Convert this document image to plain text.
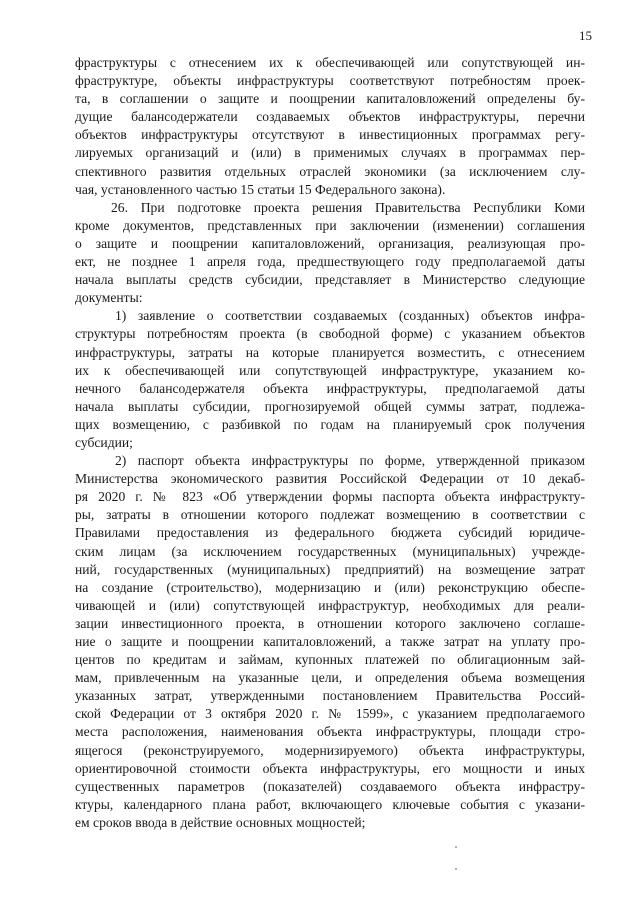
15
фраструктуры с отнесением их к обеспечивающей или сопутствующей ин-
фраструктуре, объекты инфраструктуры соответствуют потребностям проек-
та, в соглашении о защите и поощрении капиталовложений определены бу-
дущие балансодержатели создаваемых объектов инфраструктуры, перечни
объектов инфраструктуры отсутствуют в инвестиционных программах регу-
лируемых организаций и (или) в применимых случаях в программах пер-
спективного развития отдельных отраслей экономики (за исключением слу-
чая, установленного частью 15 статьи 15 Федерального закона).
26. При подготовке проекта решения Правительства Республики Коми
кроме документов, представленных при заключении (изменении) соглашения
о защите и поощрении капиталовложений, организация, реализующая про-
ект, не позднее 1 апреля года, предшествующего году предполагаемой даты
начала выплаты средств субсидии, представляет в Министерство следующие
документы:
1) заявление о соответствии создаваемых (созданных) объектов инфра-
структуры потребностям проекта (в свободной форме) с указанием объектов
инфраструктуры, затраты на которые планируется возместить, с отнесением
их к обеспечивающей или сопутствующей инфраструктуре, указанием ко-
нечного балансодержателя объекта инфраструктуры, предполагаемой даты
начала выплаты субсидии, прогнозируемой общей суммы затрат, подлежа-
щих возмещению, с разбивкой по годам на планируемый срок получения
субсидии;
2) паспорт объекта инфраструктуры по форме, утвержденной приказом
Министерства экономического развития Российской Федерации от 10 декаб-
ря 2020 г. № 823 «Об утверждении формы паспорта объекта инфраструкту-
ры, затраты в отношении которого подлежат возмещению в соответствии с
Правилами предоставления из федерального бюджета субсидий юридиче-
ским лицам (за исключением государственных (муниципальных) учрежде-
ний, государственных (муниципальных) предприятий) на возмещение затрат
на создание (строительство), модернизацию и (или) реконструкцию обеспе-
чивающей и (или) сопутствующей инфраструктур, необходимых для реали-
зации инвестиционного проекта, в отношении которого заключено соглаше-
ние о защите и поощрении капиталовложений, а также затрат на уплату про-
центов по кредитам и займам, купонных платежей по облигационным зай-
мам, привлеченным на указанные цели, и определения объема возмещения
указанных затрат, утвержденными постановлением Правительства Россий-
ской Федерации от 3 октября 2020 г. № 1599», с указанием предполагаемого
места расположения, наименования объекта инфраструктуры, площади стро-
ящегося (реконструируемого, модернизируемого) объекта инфраструктуры,
ориентировочной стоимости объекта инфраструктуры, его мощности и иных
существенных параметров (показателей) создаваемого объекта инфрастру-
ктуры, календарного плана работ, включающего ключевые события с указани-
ем сроков ввода в действие основных мощностей;
